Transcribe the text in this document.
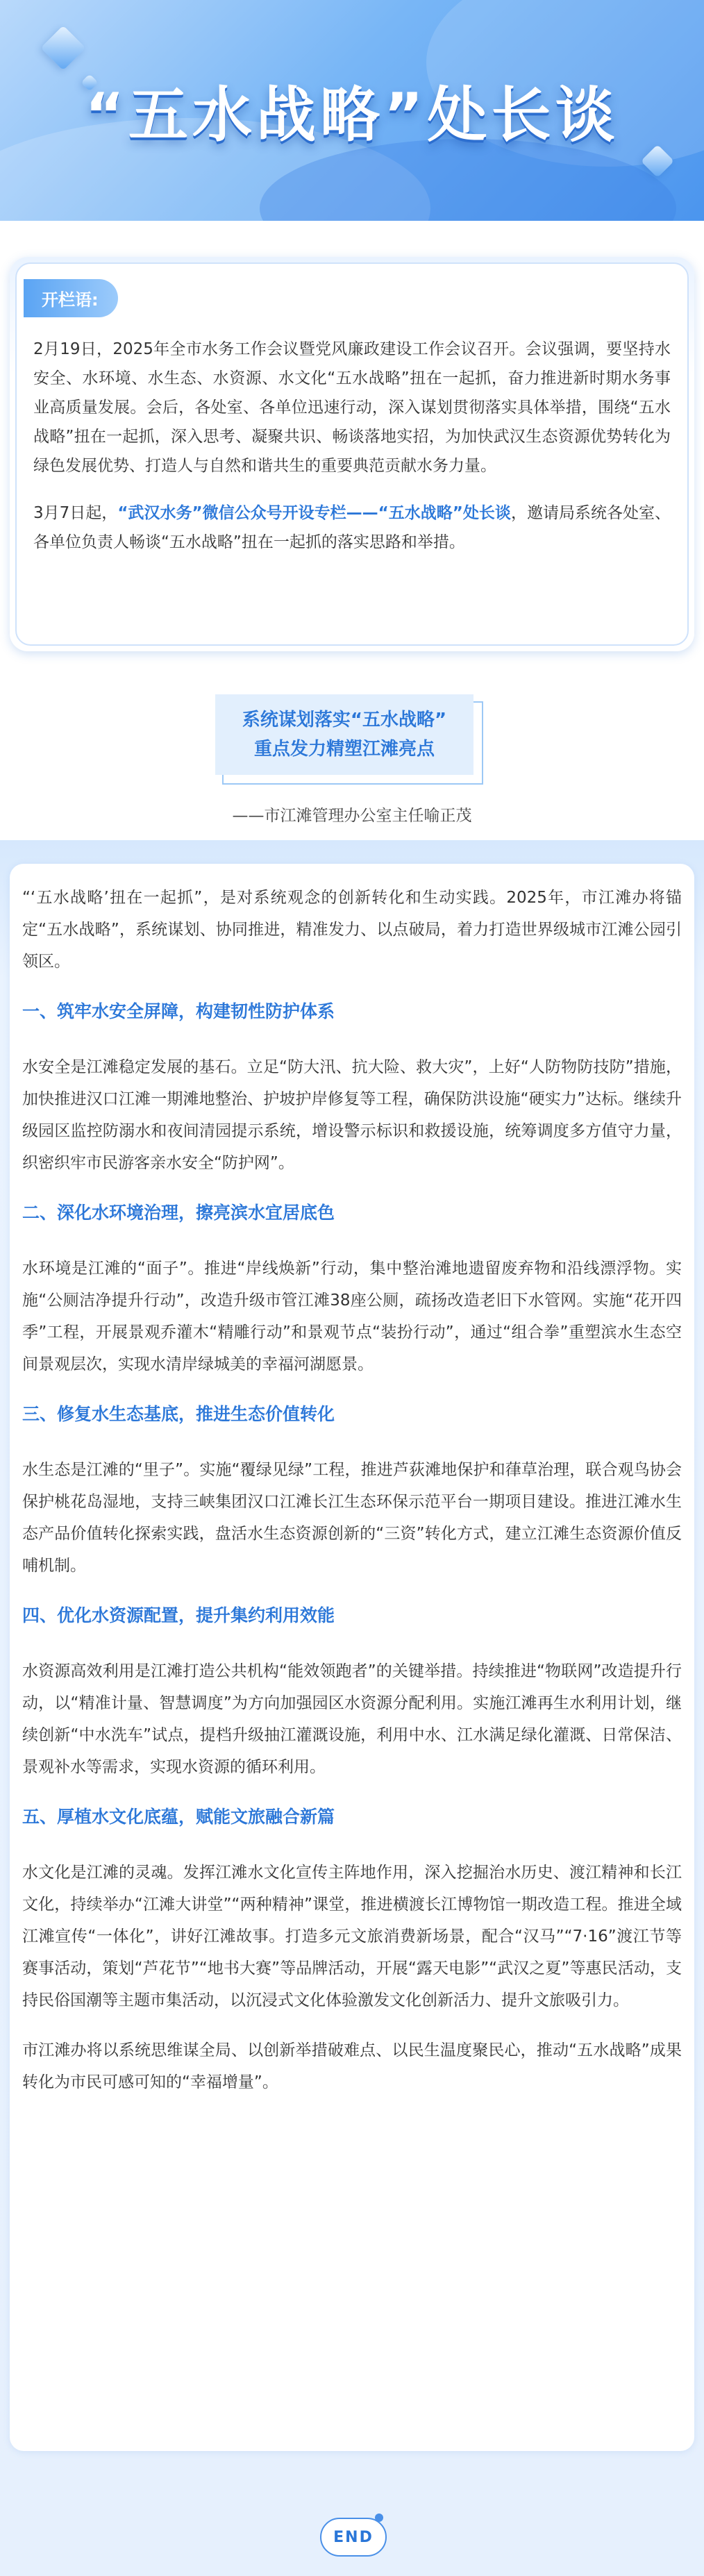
“五水战略”处长谈
开栏语:

2月19日，2025年全市水务工作会议暨党风廉政建设工作会议召开。会议强调，要坚持水安全、水环境、水生态、水资源、水文化“五水战略”扭在一起抓，奋力推进新时期水务事业高质量发展。会后，各处室、各单位迅速行动，深入谋划贯彻落实具体举措，围绕“五水战略”扭在一起抓，深入思考、凝聚共识、畅谈落地实招，为加快武汉生态资源优势转化为绿色发展优势、打造人与自然和谐共生的重要典范贡献水务力量。

3月7日起，“武汉水务”微信公众号开设专栏——“五水战略”处长谈，邀请局系统各处室、各单位负责人畅谈“五水战略”扭在一起抓的落实思路和举措。

系统谋划落实“五水战略”
重点发力精塑江滩亮点
——市江滩管理办公室主任喻正茂

“‘五水战略’扭在一起抓”，是对系统观念的创新转化和生动实践。2025年，市江滩办将锚定“五水战略”，系统谋划、协同推进，精准发力、以点破局，着力打造世界级城市江滩公园引领区。

一、筑牢水安全屏障，构建韧性防护体系

水安全是江滩稳定发展的基石。立足“防大汛、抗大险、救大灾”，上好“人防物防技防”措施，加快推进汉口江滩一期滩地整治、护坡护岸修复等工程，确保防洪设施“硬实力”达标。继续升级园区监控防溺水和夜间清园提示系统，增设警示标识和救援设施，统筹调度多方值守力量，织密织牢市民游客亲水安全“防护网”。

二、深化水环境治理，擦亮滨水宜居底色

水环境是江滩的“面子”。推进“岸线焕新”行动，集中整治滩地遗留废弃物和沿线漂浮物。实施“公厕洁净提升行动”，改造升级市管江滩38座公厕，疏扬改造老旧下水管网。实施“花开四季”工程，开展景观乔灌木“精雕行动”和景观节点“装扮行动”，通过“组合拳”重塑滨水生态空间景观层次，实现水清岸绿城美的幸福河湖愿景。

三、修复水生态基底，推进生态价值转化

水生态是江滩的“里子”。实施“覆绿见绿”工程，推进芦荻滩地保护和葎草治理，联合观鸟协会保护桃花岛湿地，支持三峡集团汉口江滩长江生态环保示范平台一期项目建设。推进江滩水生态产品价值转化探索实践，盘活水生态资源创新的“三资”转化方式，建立江滩生态资源价值反哺机制。

四、优化水资源配置，提升集约利用效能

水资源高效利用是江滩打造公共机构“能效领跑者”的关键举措。持续推进“物联网”改造提升行动，以“精准计量、智慧调度”为方向加强园区水资源分配利用。实施江滩再生水利用计划，继续创新“中水洗车”试点，提档升级抽江灌溉设施，利用中水、江水满足绿化灌溉、日常保洁、景观补水等需求，实现水资源的循环利用。

五、厚植水文化底蕴，赋能文旅融合新篇

水文化是江滩的灵魂。发挥江滩水文化宣传主阵地作用，深入挖掘治水历史、渡江精神和长江文化，持续举办“江滩大讲堂”“两种精神”课堂，推进横渡长江博物馆一期改造工程。推进全域江滩宣传“一体化”，讲好江滩故事。打造多元文旅消费新场景，配合“汉马”“7·16”渡江节等赛事活动，策划“芦花节”“地书大赛”等品牌活动，开展“露天电影”“武汉之夏”等惠民活动，支持民俗国潮等主题市集活动，以沉浸式文化体验激发文化创新活力、提升文旅吸引力。

市江滩办将以系统思维谋全局、以创新举措破难点、以民生温度聚民心，推动“五水战略”成果转化为市民可感可知的“幸福增量”。

END
